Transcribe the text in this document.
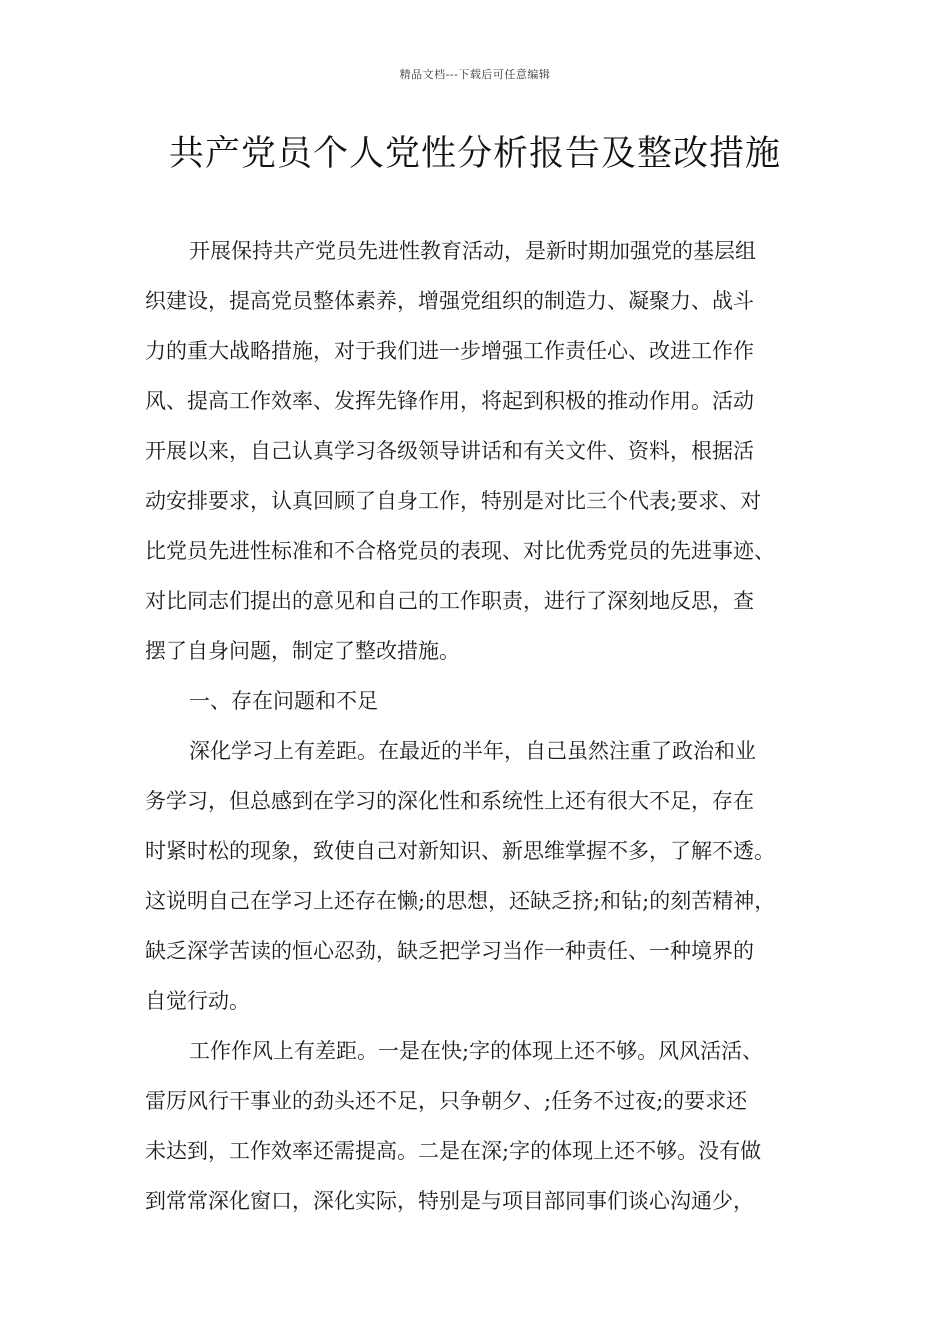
精品文档---下载后可任意编辑
共产党员个人党性分析报告及整改措施
开展保持共产党员先进性教育活动，是新时期加强党的基层组
织建设，提高党员整体素养，增强党组织的制造力、凝聚力、战斗
力的重大战略措施，对于我们进一步增强工作责任心、改进工作作
风、提高工作效率、发挥先锋作用，将起到积极的推动作用。活动
开展以来，自己认真学习各级领导讲话和有关文件、资料，根据活
动安排要求，认真回顾了自身工作，特别是对比三个代表;要求、对
比党员先进性标准和不合格党员的表现、对比优秀党员的先进事迹、
对比同志们提出的意见和自己的工作职责，进行了深刻地反思，查
摆了自身问题，制定了整改措施。
一、存在问题和不足
深化学习上有差距。在最近的半年，自己虽然注重了政治和业
务学习，但总感到在学习的深化性和系统性上还有很大不足，存在
时紧时松的现象，致使自己对新知识、新思维掌握不多，了解不透。
这说明自己在学习上还存在懒;的思想，还缺乏挤;和钻;的刻苦精神，
缺乏深学苦读的恒心忍劲，缺乏把学习当作一种责任、一种境界的
自觉行动。
工作作风上有差距。一是在快;字的体现上还不够。风风活活、
雷厉风行干事业的劲头还不足，只争朝夕、;任务不过夜;的要求还
未达到，工作效率还需提高。二是在深;字的体现上还不够。没有做
到常常深化窗口，深化实际，特别是与项目部同事们谈心沟通少，
